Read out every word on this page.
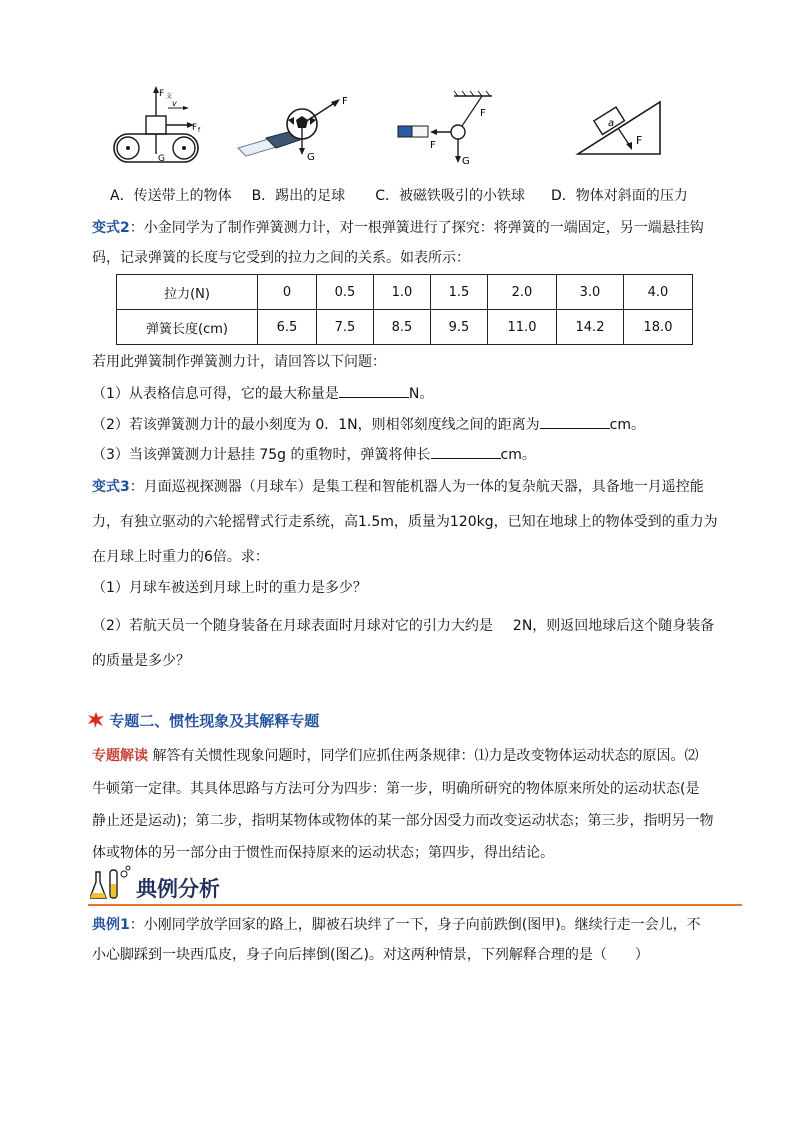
F 支
v
F f
G
F
G
F
F
G
a
F
A．传送带上的物体 B．踢出的足球 C．被磁铁吸引的小铁球 D．物体对斜面的压力
变式2：小金同学为了制作弹簧测力计，对一根弹簧进行了探究：将弹簧的一端固定，另一端悬挂钩
码，记录弹簧的长度与它受到的拉力之间的关系。如表所示：
拉力(N)	0	0.5	1.0	1.5	2.0	3.0	4.0
弹簧长度(cm)	6.5	7.5	8.5	9.5	11.0	14.2	18.0
若用此弹簧制作弹簧测力计，请回答以下问题：
（1）从表格信息可得，它的最大称量是	N。
（2）若该弹簧测力计的最小刻度为 0．1N，则相邻刻度线之间的距离为	cm。
（3）当该弹簧测力计悬挂 75g 的重物时，弹簧将伸长	cm。
变式3：月面巡视探测器（月球车）是集工程和智能机器人为一体的复杂航天器，具备地一月遥控能
力，有独立驱动的六轮摇臂式行走系统，高1.5m，质量为120kg，已知在地球上的物体受到的重力为
在月球上时重力的6倍。求：
（1）月球车被送到月球上时的重力是多少？
（2）若航天员一个随身装备在月球表面时月球对它的引力大约是 2N，则返回地球后这个随身装备
的质量是多少？
专题二、惯性现象及其解释专题
专题解读 解答有关惯性现象问题时，同学们应抓住两条规律：⑴力是改变物体运动状态的原因。⑵
牛顿第一定律。其具体思路与方法可分为四步：第一步，明确所研究的物体原来所处的运动状态(是
静止还是运动)；第二步，指明某物体或物体的某一部分因受力而改变运动状态；第三步，指明另一物
体或物体的另一部分由于惯性而保持原来的运动状态；第四步，得出结论。
典例分析
典例1：小刚同学放学回家的路上，脚被石块绊了一下，身子向前跌倒(图甲)。继续行走一会儿，不
小心脚踩到一块西瓜皮，身子向后摔倒(图乙)。对这两种情景，下列解释合理的是（　　）
